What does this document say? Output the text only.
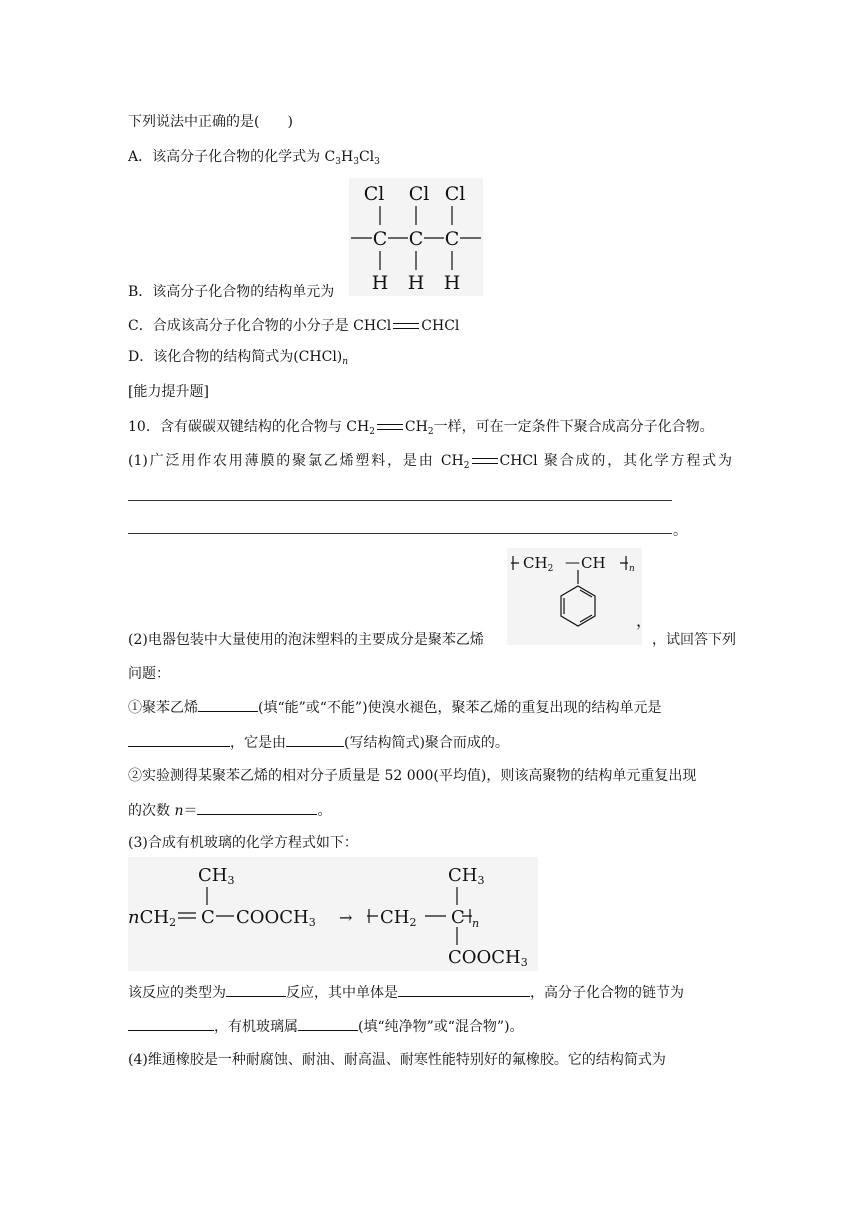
下列说法中正确的是(　　)
A．该高分子化合物的化学式为 $C_3H_3Cl_3$
Cl Cl Cl
C C C
H H H
B．该高分子化合物的结构单元为
C．合成该高分子化合物的小分子是 CHCl CHCl
D．该化合物的结构简式为$(CHCl)_n$
[能力提升题]
10．含有碳碳双键结构的化合物与 $CH_2$ $CH_2$一样，可在一定条件下聚合成高分子化合物。
(1)广泛用作农用薄膜的聚氯乙烯塑料，是由 $CH_2$ CHCl 聚合成的，其化学方程式为
。
$CH_2$ — CH	n
，
(2)电器包装中大量使用的泡沫塑料的主要成分是聚苯乙烯	，试回答下列
问题：
①聚苯乙烯	(填“能”或“不能”)使溴水褪色，聚苯乙烯的重复出现的结构单元是
，它是由	(写结构简式)聚合而成的。
②实验测得某聚苯乙烯的相对分子质量是 52 000(平均值)，则该高聚物的结构单元重复出现
的次数 n＝	。
(3)合成有机玻璃的化学方程式如下：
CH3
nCH2 C COOCH3 →
CH3
CH2 C n
COOCH3
该反应的类型为	反应，其中单体是	，高分子化合物的链节为
，有机玻璃属	(填“纯净物”或“混合物”)。
(4)维通橡胶是一种耐腐蚀、耐油、耐高温、耐寒性能特别好的氟橡胶。它的结构简式为
